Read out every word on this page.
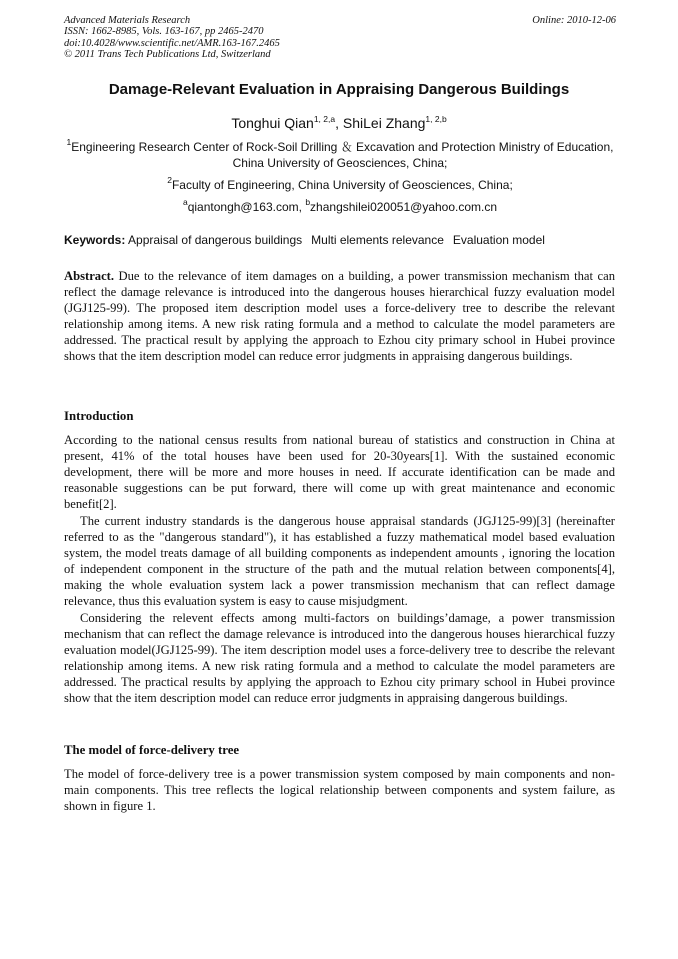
Advanced Materials Research
ISSN: 1662-8985, Vols. 163-167, pp 2465-2470
doi:10.4028/www.scientific.net/AMR.163-167.2465
© 2011 Trans Tech Publications Ltd, Switzerland
Online: 2010-12-06
Damage-Relevant Evaluation in Appraising Dangerous Buildings
Tonghui Qian$^{1, 2,a}$, ShiLei Zhang$^{1, 2,b}$
$^1$Engineering Research Center of Rock-Soil Drilling ＆ Excavation and Protection Ministry of Education, China University of Geosciences, China;
$^2$Faculty of Engineering, China University of Geosciences, China;
$^a$qiantongh@163.com, $^b$zhangshilei020051@yahoo.com.cn
Keywords: Appraisal of dangerous buildings Multi elements relevance Evaluation model
Abstract. Due to the relevance of item damages on a building, a power transmission mechanism that can reflect the damage relevance is introduced into the dangerous houses hierarchical fuzzy evaluation model (JGJ125-99). The proposed item description model uses a force-delivery tree to describe the relevant relationship among items. A new risk rating formula and a method to calculate the model parameters are addressed. The practical result by applying the approach to Ezhou city primary school in Hubei province shows that the item description model can reduce error judgments in appraising dangerous buildings.
Introduction
According to the national census results from national bureau of statistics and construction in China at present, 41% of the total houses have been used for 20-30years[1]. With the sustained economic development, there will be more and more houses in need. If accurate identification can be made and reasonable suggestions can be put forward, there will come up with great maintenance and economic benefit[2].
The current industry standards is the dangerous house appraisal standards (JGJ125-99)[3] (hereinafter referred to as the "dangerous standard"), it has established a fuzzy mathematical model based evaluation system, the model treats damage of all building components as independent amounts , ignoring the location of independent component in the structure of the path and the mutual relation between components[4], making the whole evaluation system lack a power transmission mechanism that can reflect damage relevance, thus this evaluation system is easy to cause misjudgment.
Considering the relevent effects among multi-factors on buildings’damage, a power transmission mechanism that can reflect the damage relevance is introduced into the dangerous houses hierarchical fuzzy evaluation model(JGJ125-99). The item description model uses a force-delivery tree to describe the relevant relationship among items. A new risk rating formula and a method to calculate the model parameters are addressed. The practical results by applying the approach to Ezhou city primary school in Hubei province show that the item description model can reduce error judgments in appraising dangerous buildings.
The model of force-delivery tree
The model of force-delivery tree is a power transmission system composed by main components and non-main components. This tree reflects the logical relationship between components and system failure, as shown in figure 1.
